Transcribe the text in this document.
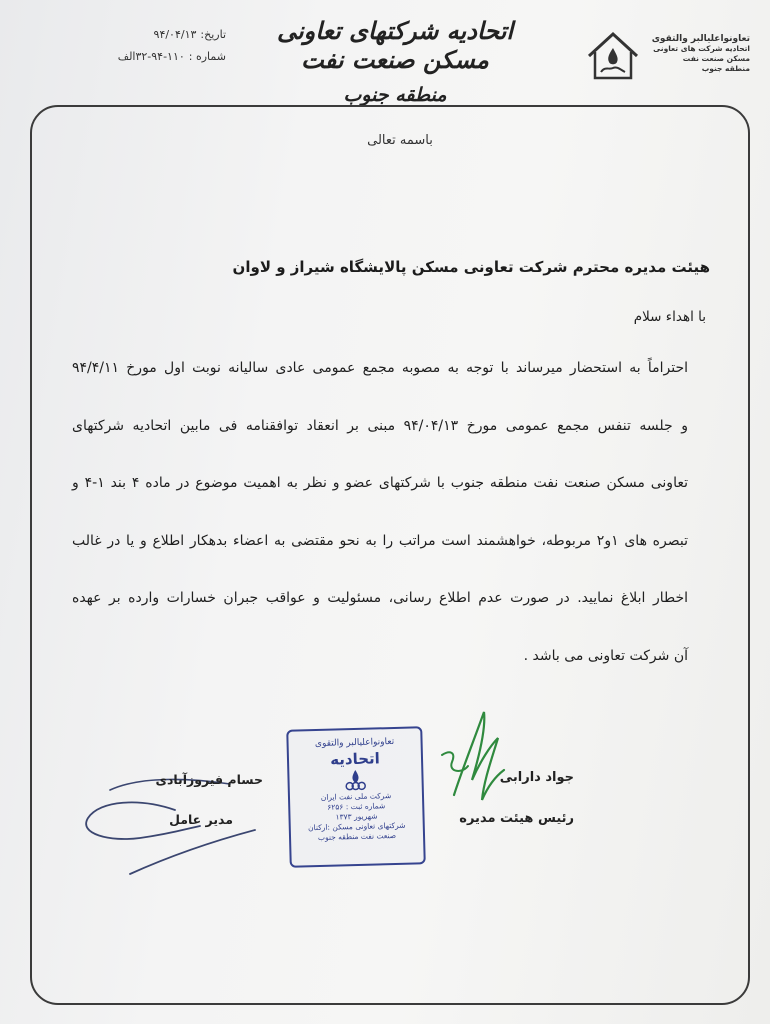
تاریخ:
۹۴/۰۴/۱۳
شماره :
۳۲-۹۴-۱۱۰الف
اتحادیه شرکتهای تعاونی مسکن صنعت نفت
منطقه جنوب
تعاونواعلیالبر والتقوی
اتحادیه شرکت های تعاونی
مسکن صنعت نفت
منطقه جنوب
باسمه تعالی
هیئت مدیره محترم شرکت تعاونی مسکن پالایشگاه شیراز و لاوان
با اهداء سلام
احتراماً به استحضار میرساند با توجه به مصوبه مجمع عمومی عادی سالیانه نوبت اول مورخ ۹۴/۴/۱۱
و جلسه تنفس مجمع عمومی مورخ ۹۴/۰۴/۱۳ مبنی بر انعقاد توافقنامه فی مابین اتحادیه شرکتهای
تعاونی مسکن صنعت نفت منطقه جنوب با شرکتهای عضو و نظر به اهمیت موضوع در ماده ۴ بند ۱-۴ و
تبصره های ۱و۲ مربوطه، خواهشمند است مراتب را به نحو مقتضی به اعضاء بدهکار اطلاع و یا در غالب
اخطار ابلاغ نمایید. در صورت عدم اطلاع رسانی، مسئولیت و عواقب جبران خسارات وارده بر عهده
آن شرکت تعاونی می باشد .
جواد دارابی
رئیس هیئت مدیره
حسام فیروزآبادی
مدیر عامل
تعاونواعلیالبر والتقوی
اتحادیه
شرکت ملی نفت ایران
شماره ثبت : ۶۲۵۶
شهریور ۱۳۷۳
شرکتهای تعاونی مسکن :ارکنان
صنعت نفت منطقه جنوب
